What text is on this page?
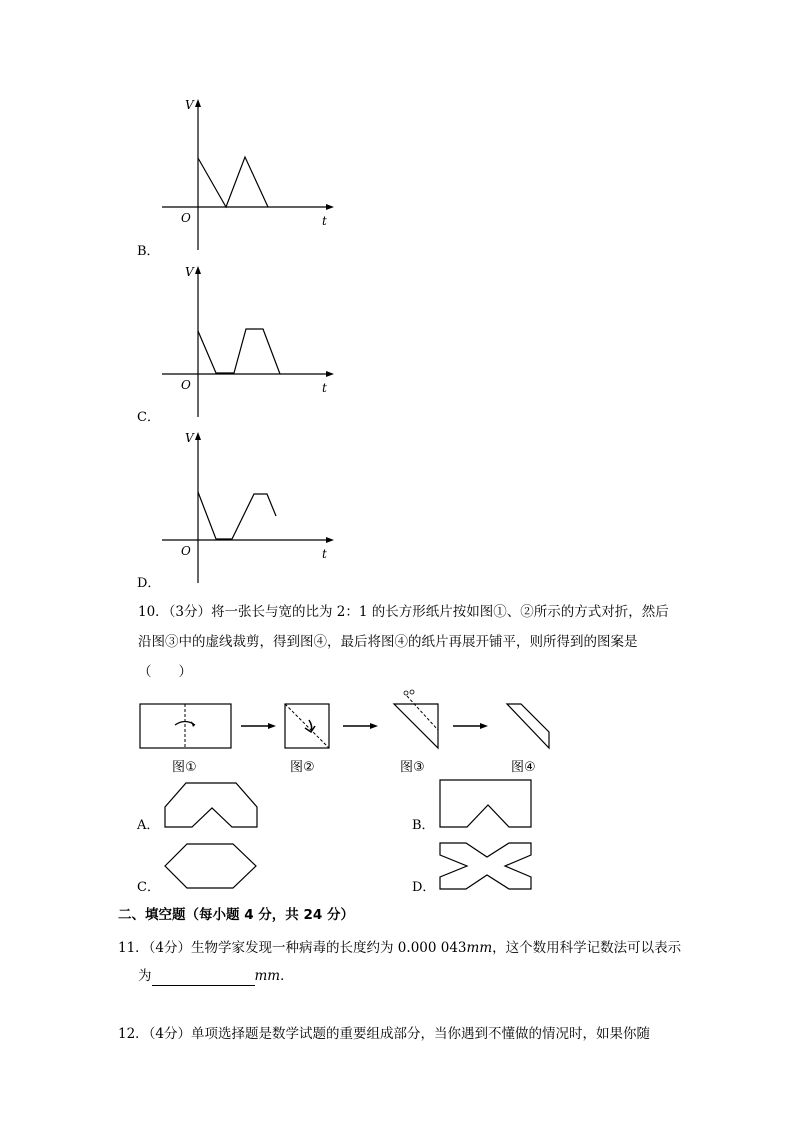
V
O	t
B．
V
O	t
C．
V
O	t
D．
10．（3分）将一张长与宽的比为 2：1 的长方形纸片按如图①、②所示的方式对折，然后
沿图③中的虚线裁剪，得到图④，最后将图④的纸片再展开铺平，则所得到的图案是
（　　）
图①	图②	图③	图④
A．	B．
C．	D．
二、填空题（每小题 4 分，共 24 分）
11．（4分）生物学家发现一种病毒的长度约为 0.000 043mm，这个数用科学记数法可以表示
为	mm．
12．（4分）单项选择题是数学试题的重要组成部分，当你遇到不懂做的情况时，如果你随
